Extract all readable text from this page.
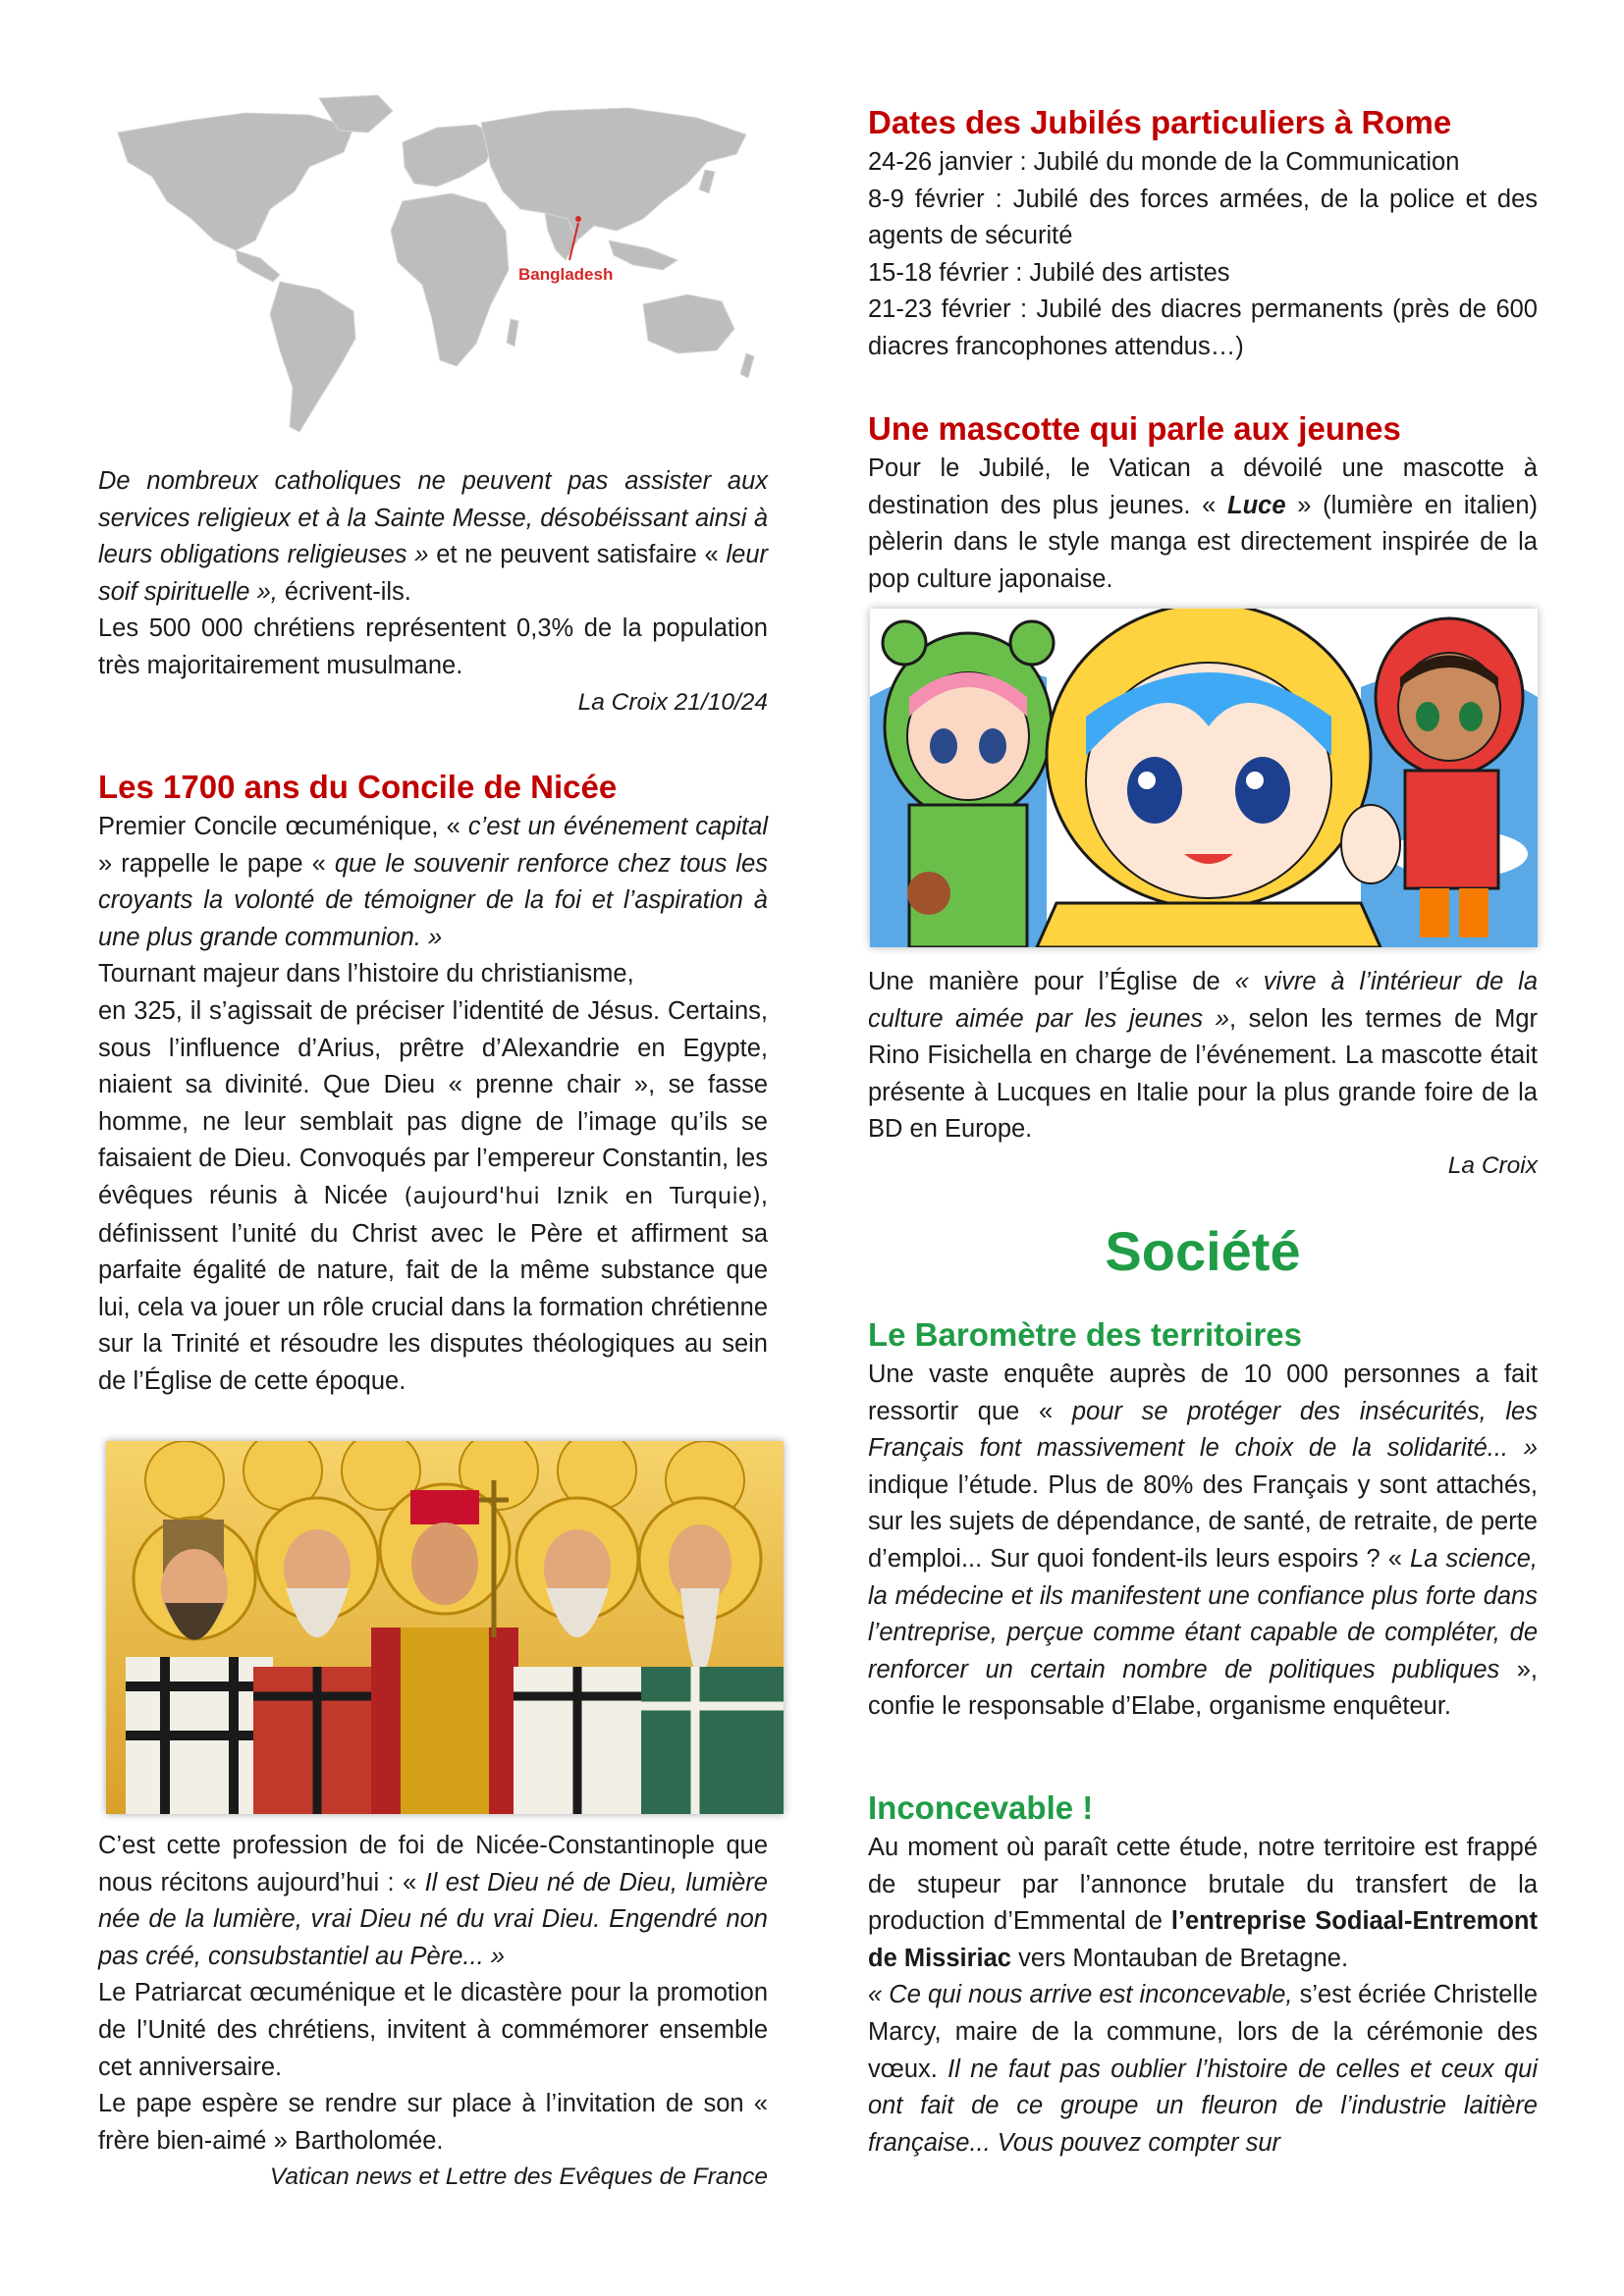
Bangladesh

De nombreux catholiques ne peuvent pas assister aux services religieux et à la Sainte Messe, désobéissant ainsi à leurs obligations religieuses » et ne peuvent satisfaire « leur soif spirituelle », écrivent-ils.

Les 500 000 chrétiens représentent 0,3% de la population très majoritairement musulmane.

La Croix 21/10/24

Les 1700 ans du Concile de Nicée

Premier Concile œcuménique, « c’est un événement capital » rappelle le pape « que le souvenir renforce chez tous les croyants la volonté de témoigner de la foi et l’aspiration à une plus grande communion. »

Tournant majeur dans l’histoire du christianisme,

en 325, il s’agissait de préciser l’identité de Jésus. Certains, sous l’influence d’Arius, prêtre d’Alexandrie en Egypte, niaient sa divinité. Que Dieu « prenne chair », se fasse homme, ne leur semblait pas digne de l’image qu’ils se faisaient de Dieu. Convoqués par l’empereur Constantin, les évêques réunis à Nicée (aujourd'hui Iznik en Turquie), définissent l’unité du Christ avec le Père et affirment sa parfaite égalité de nature, fait de la même substance que lui, cela va jouer un rôle crucial dans la formation chrétienne sur la Trinité et résoudre les disputes théologiques au sein de l’Église de cette époque.

C’est cette profession de foi de Nicée-Constantinople que nous récitons aujourd’hui : « Il est Dieu né de Dieu, lumière née de la lumière, vrai Dieu né du vrai Dieu. Engendré non pas créé, consubstantiel au Père... »

Le Patriarcat œcuménique et le dicastère pour la promotion de l’Unité des chrétiens, invitent à commémorer ensemble cet anniversaire.

Le pape espère se rendre sur place à l’invitation de son « frère bien-aimé » Bartholomée.

Vatican news et Lettre des Evêques de France

Dates des Jubilés particuliers à Rome

24-26 janvier : Jubilé du monde de la Communication

8-9 février : Jubilé des forces armées, de la police et des agents de sécurité

15-18 février : Jubilé des artistes

21-23 février : Jubilé des diacres permanents (près de 600 diacres francophones attendus…)

Une mascotte qui parle aux jeunes

Pour le Jubilé, le Vatican a dévoilé une mascotte à destination des plus jeunes. « Luce » (lumière en italien) pèlerin dans le style manga est directement inspirée de la pop culture japonaise.

Une manière pour l’Église de « vivre à l’intérieur de la culture aimée par les jeunes », selon les termes de Mgr Rino Fisichella en charge de l’événement. La mascotte était présente à Lucques en Italie pour la plus grande foire de la BD en Europe.

La Croix

Société

Le Baromètre des territoires

Une vaste enquête auprès de 10 000 personnes a fait ressortir que « pour se protéger des insécurités, les Français font massivement le choix de la solidarité... » indique l’étude. Plus de 80% des Français y sont attachés, sur les sujets de dépendance, de santé, de retraite, de perte d’emploi... Sur quoi fondent-ils leurs espoirs ? « La science, la médecine et ils manifestent une confiance plus forte dans l’entreprise, perçue comme étant capable de compléter, de renforcer un certain nombre de politiques publiques », confie le responsable d’Elabe, organisme enquêteur.

Inconcevable !

Au moment où paraît cette étude, notre territoire est frappé de stupeur par l’annonce brutale du transfert de la production d’Emmental de l’entreprise Sodiaal-Entremont de Missiriac vers Montauban de Bretagne.

« Ce qui nous arrive est inconcevable, s’est écriée Christelle Marcy, maire de la commune, lors de la cérémonie des vœux. Il ne faut pas oublier l’histoire de celles et ceux qui ont fait de ce groupe un fleuron de l’industrie laitière française... Vous pouvez compter sur
